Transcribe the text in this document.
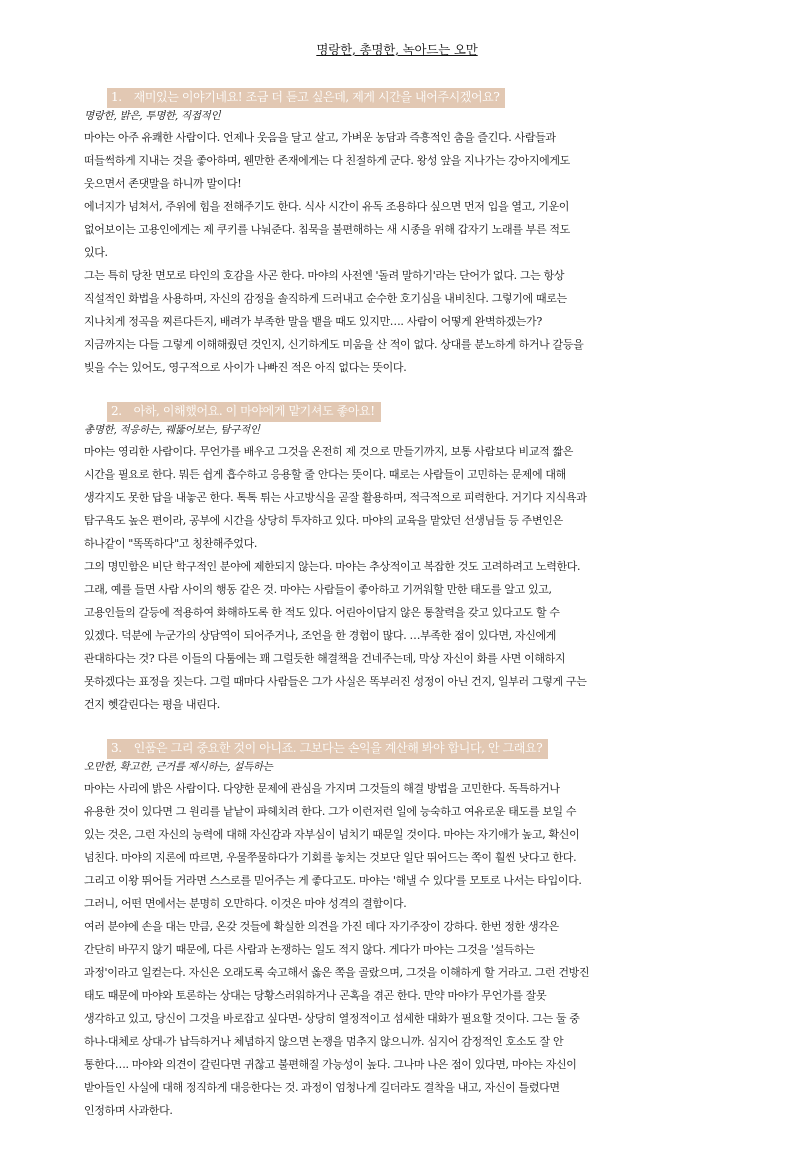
명랑한, 총명한, 녹아드는 오만
1. 재미있는 이야기네요! 조금 더 듣고 싶은데, 제게 시간을 내어주시겠어요?
명랑한, 밝은, 투명한, 직접적인
마야는 아주 유쾌한 사람이다. 언제나 웃음을 달고 살고, 가벼운 농담과 즉흥적인 춤을 즐긴다. 사람들과
떠들썩하게 지내는 것을 좋아하며, 웬만한 존재에게는 다 친절하게 군다. 왕성 앞을 지나가는 강아지에게도
웃으면서 존댓말을 하니까 말이다!
에너지가 넘쳐서, 주위에 힘을 전해주기도 한다. 식사 시간이 유독 조용하다 싶으면 먼저 입을 열고, 기운이
없어보이는 고용인에게는 제 쿠키를 나눠준다. 침묵을 불편해하는 새 시종을 위해 갑자기 노래를 부른 적도
있다.
그는 특히 당찬 면모로 타인의 호감을 사곤 한다. 마야의 사전엔 '돌려 말하기'라는 단어가 없다. 그는 항상
직설적인 화법을 사용하며, 자신의 감정을 솔직하게 드러내고 순수한 호기심을 내비친다. 그렇기에 때로는
지나치게 정곡을 찌른다든지, 배려가 부족한 말을 뱉을 때도 있지만…. 사람이 어떻게 완벽하겠는가?
지금까지는 다들 그렇게 이해해줬던 것인지, 신기하게도 미움을 산 적이 없다. 상대를 분노하게 하거나 갈등을
빚을 수는 있어도, 영구적으로 사이가 나빠진 적은 아직 없다는 뜻이다.
2. 아하, 이해했어요. 이 마야에게 맡기셔도 좋아요!
총명한, 적응하는, 꿰뚫어보는, 탐구적인
마야는 영리한 사람이다. 무언가를 배우고 그것을 온전히 제 것으로 만들기까지, 보통 사람보다 비교적 짧은
시간을 필요로 한다. 뭐든 쉽게 흡수하고 응용할 줄 안다는 뜻이다. 때로는 사람들이 고민하는 문제에 대해
생각지도 못한 답을 내놓곤 한다. 톡톡 튀는 사고방식을 곧잘 활용하며, 적극적으로 피력한다. 거기다 지식욕과
탐구욕도 높은 편이라, 공부에 시간을 상당히 투자하고 있다. 마야의 교육을 맡았던 선생님들 등 주변인은
하나같이 "똑똑하다"고 칭찬해주었다.
그의 명민함은 비단 학구적인 분야에 제한되지 않는다. 마야는 추상적이고 복잡한 것도 고려하려고 노력한다.
그래, 예를 들면 사람 사이의 행동 같은 것. 마야는 사람들이 좋아하고 기꺼워할 만한 태도를 알고 있고,
고용인들의 갈등에 적용하여 화해하도록 한 적도 있다. 어린아이답지 않은 통찰력을 갖고 있다고도 할 수
있겠다. 덕분에 누군가의 상담역이 되어주거나, 조언을 한 경험이 많다. …부족한 점이 있다면, 자신에게
관대하다는 것? 다른 이들의 다툼에는 꽤 그럴듯한 해결책을 건네주는데, 막상 자신이 화를 사면 이해하지
못하겠다는 표정을 짓는다. 그럴 때마다 사람들은 그가 사실은 똑부러진 성정이 아닌 건지, 일부러 그렇게 구는
건지 헷갈린다는 평을 내린다.
3. 인품은 그리 중요한 것이 아니죠. 그보다는 손익을 계산해 봐야 합니다, 안 그래요?
오만한, 확고한, 근거를 제시하는, 설득하는
마야는 사리에 밝은 사람이다. 다양한 문제에 관심을 가지며 그것들의 해결 방법을 고민한다. 독특하거나
유용한 것이 있다면 그 원리를 낱낱이 파헤치려 한다. 그가 이런저런 일에 능숙하고 여유로운 태도를 보일 수
있는 것은, 그런 자신의 능력에 대해 자신감과 자부심이 넘치기 때문일 것이다. 마야는 자기애가 높고, 확신이
넘친다. 마야의 지론에 따르면, 우물쭈물하다가 기회를 놓치는 것보단 일단 뛰어드는 쪽이 훨씬 낫다고 한다.
그리고 이왕 뛰어들 거라면 스스로를 믿어주는 게 좋다고도. 마야는 '해낼 수 있다'를 모토로 나서는 타입이다.
그러니, 어떤 면에서는 분명히 오만하다. 이것은 마야 성격의 결함이다.
여러 분야에 손을 대는 만큼, 온갖 것들에 확실한 의견을 가진 데다 자기주장이 강하다. 한번 정한 생각은
간단히 바꾸지 않기 때문에, 다른 사람과 논쟁하는 일도 적지 않다. 게다가 마야는 그것을 '설득하는
과정'이라고 일컫는다. 자신은 오래도록 숙고해서 옳은 쪽을 골랐으며, 그것을 이해하게 할 거라고. 그런 건방진
태도 때문에 마야와 토론하는 상대는 당황스러워하거나 곤혹을 겪곤 한다. 만약 마야가 무언가를 잘못
생각하고 있고, 당신이 그것을 바로잡고 싶다면- 상당히 열정적이고 섬세한 대화가 필요할 것이다. 그는 둘 중
하나-대체로 상대-가 납득하거나 체념하지 않으면 논쟁을 멈추지 않으니까. 심지어 감정적인 호소도 잘 안
통한다…. 마야와 의견이 갈린다면 귀찮고 불편해질 가능성이 높다. 그나마 나은 점이 있다면, 마야는 자신이
받아들인 사실에 대해 정직하게 대응한다는 것. 과정이 엄청나게 길더라도 결착을 내고, 자신이 틀렸다면
인정하며 사과한다.
